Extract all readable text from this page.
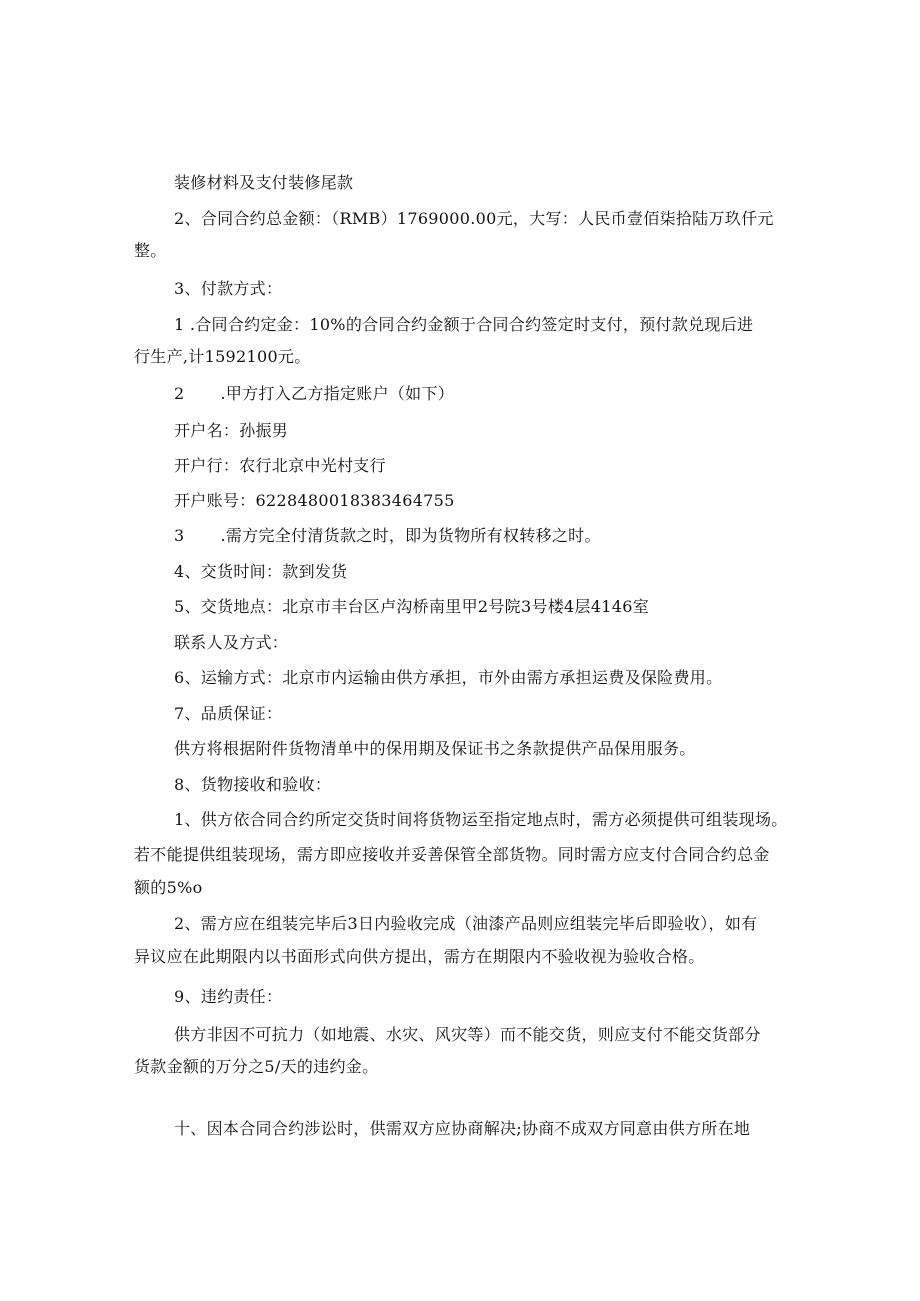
装修材料及支付装修尾款
2、合同合约总金额：（RMB）1769000.00元，大写：人民币壹佰柒拾陆万玖仟元
整。
3、付款方式：
1 .合同合约定金：10%的合同合约金额于合同合约签定时支付，预付款兑现后进
行生产,计1592100元。
2 .甲方打入乙方指定账户（如下）
开户名：孙振男
开户行：农行北京中光村支行
开户账号：6228480018383464755
3 .需方完全付清货款之时，即为货物所有权转移之时。
4、交货时间：款到发货
5、交货地点：北京市丰台区卢沟桥南里甲2号院3号楼4层4146室
联系人及方式：
6、运输方式：北京市内运输由供方承担，市外由需方承担运费及保险费用。
7、品质保证：
供方将根据附件货物清单中的保用期及保证书之条款提供产品保用服务。
8、货物接收和验收：
1、供方依合同合约所定交货时间将货物运至指定地点时，需方必须提供可组装现场。
若不能提供组装现场，需方即应接收并妥善保管全部货物。同时需方应支付合同合约总金
额的5%o
2、需方应在组装完毕后3日内验收完成（油漆产品则应组装完毕后即验收），如有
异议应在此期限内以书面形式向供方提出，需方在期限内不验收视为验收合格。
9、违约责任：
供方非因不可抗力（如地震、水灾、风灾等）而不能交货，则应支付不能交货部分
货款金额的万分之5/天的违约金。
十、因本合同合约涉讼时，供需双方应协商解决;协商不成双方同意由供方所在地
